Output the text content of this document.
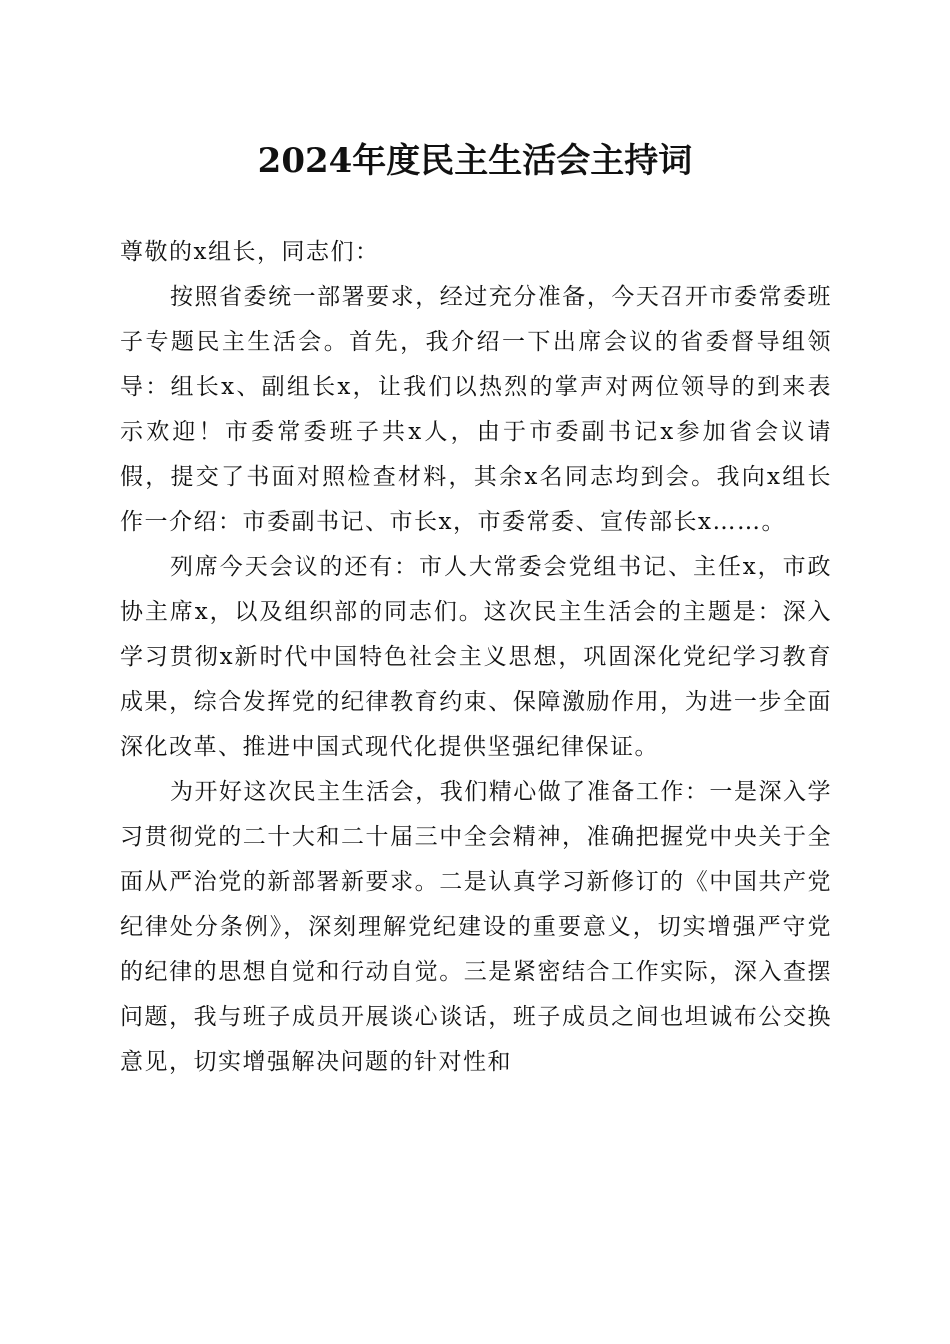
2024年度民主生活会主持词

尊敬的x组长，同志们：

按照省委统一部署要求，经过充分准备，今天召开市委常委班子专题民主生活会。首先，我介绍一下出席会议的省委督导组领导：组长x、副组长x，让我们以热烈的掌声对两位领导的到来表示欢迎！市委常委班子共x人，由于市委副书记x参加省会议请假，提交了书面对照检查材料，其余x名同志均到会。我向x组长作一介绍：市委副书记、市长x，市委常委、宣传部长x……。

列席今天会议的还有：市人大常委会党组书记、主任x，市政协主席x，以及组织部的同志们。这次民主生活会的主题是：深入学习贯彻x新时代中国特色社会主义思想，巩固深化党纪学习教育成果，综合发挥党的纪律教育约束、保障激励作用，为进一步全面深化改革、推进中国式现代化提供坚强纪律保证。

为开好这次民主生活会，我们精心做了准备工作：一是深入学习贯彻党的二十大和二十届三中全会精神，准确把握党中央关于全面从严治党的新部署新要求。二是认真学习新修订的《中国共产党纪律处分条例》，深刻理解党纪建设的重要意义，切实增强严守党的纪律的思想自觉和行动自觉。三是紧密结合工作实际，深入查摆问题，我与班子成员开展谈心谈话，班子成员之间也坦诚布公交换意见，切实增强解决问题的针对性和
